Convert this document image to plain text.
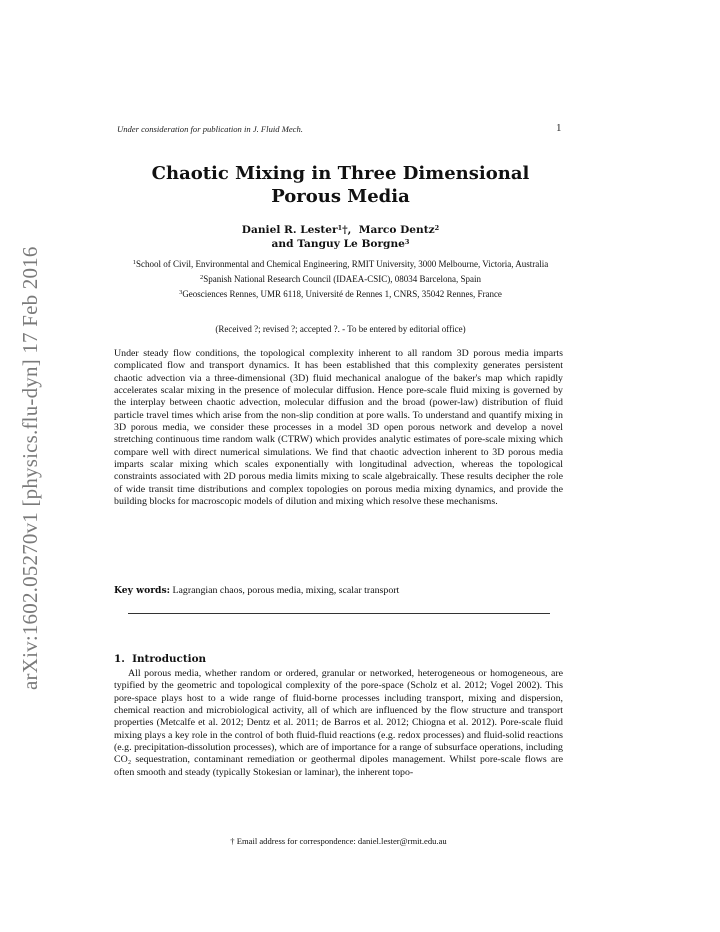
arXiv:1602.05270v1 [physics.flu-dyn] 17 Feb 2016
Under consideration for publication in J. Fluid Mech.	1
Chaotic Mixing in Three Dimensional
Porous Media
Daniel R. Lester$^1$†, Marco Dentz$^2$
and Tanguy Le Borgne$^3$
$^1$School of Civil, Environmental and Chemical Engineering, RMIT University, 3000 Melbourne, Victoria, Australia
$^2$Spanish National Research Council (IDAEA-CSIC), 08034 Barcelona, Spain
$^3$Geosciences Rennes, UMR 6118, Université de Rennes 1, CNRS, 35042 Rennes, France
(Received ?; revised ?; accepted ?. - To be entered by editorial office)
Under steady flow conditions, the topological complexity inherent to all random 3D porous media imparts complicated flow and transport dynamics. It has been established that this complexity generates persistent chaotic advection via a three-dimensional (3D) fluid mechanical analogue of the baker's map which rapidly accelerates scalar mixing in the presence of molecular diffusion. Hence pore-scale fluid mixing is governed by the interplay between chaotic advection, molecular diffusion and the broad (power-law) distribution of fluid particle travel times which arise from the non-slip condition at pore walls. To understand and quantify mixing in 3D porous media, we consider these processes in a model 3D open porous network and develop a novel stretching continuous time random walk (CTRW) which provides analytic estimates of pore-scale mixing which compare well with direct numerical simulations. We find that chaotic advection inherent to 3D porous media imparts scalar mixing which scales exponentially with longitudinal advection, whereas the topological constraints associated with 2D porous media limits mixing to scale algebraically. These results decipher the role of wide transit time distributions and complex topologies on porous media mixing dynamics, and provide the building blocks for macroscopic models of dilution and mixing which resolve these mechanisms.
Key words: Lagrangian chaos, porous media, mixing, scalar transport
1. Introduction
All porous media, whether random or ordered, granular or networked, heterogeneous or homogeneous, are typified by the geometric and topological complexity of the pore-space (Scholz et al. 2012; Vogel 2002). This pore-space plays host to a wide range of fluid-borne processes including transport, mixing and dispersion, chemical reaction and microbiological activity, all of which are influenced by the flow structure and transport properties (Metcalfe et al. 2012; Dentz et al. 2011; de Barros et al. 2012; Chiogna et al. 2012). Pore-scale fluid mixing plays a key role in the control of both fluid-fluid reactions (e.g. redox processes) and fluid-solid reactions (e.g. precipitation-dissolution processes), which are of importance for a range of subsurface operations, including CO₂ sequestration, contaminant remediation or geothermal dipoles management. Whilst pore-scale flows are often smooth and steady (typically Stokesian or laminar), the inherent topo-
† Email address for correspondence: daniel.lester@rmit.edu.au
